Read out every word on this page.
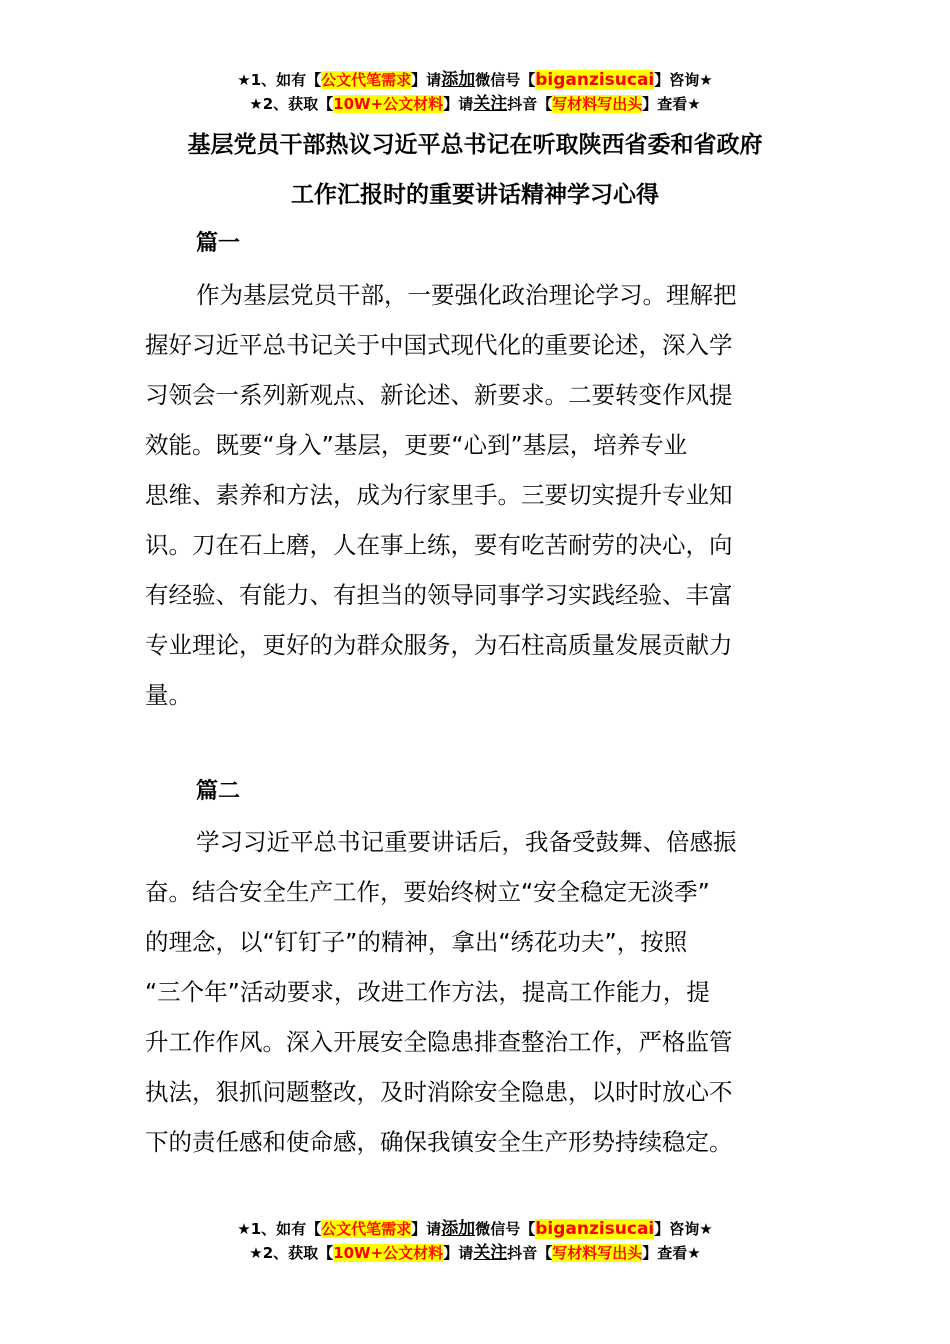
★1、如有【公文代笔需求】请添加微信号【biganzisucai】咨询★
★2、获取【10W+公文材料】请关注抖音【写材料写出头】查看★
基层党员干部热议习近平总书记在听取陕西省委和省政府
工作汇报时的重要讲话精神学习心得
篇一
作为基层党员干部，一要强化政治理论学习。理解把
握好习近平总书记关于中国式现代化的重要论述，深入学
习领会一系列新观点、新论述、新要求。二要转变作风提
效能。既要“身入”基层，更要“心到”基层，培养专业
思维、素养和方法，成为行家里手。三要切实提升专业知
识。刀在石上磨，人在事上练，要有吃苦耐劳的决心，向
有经验、有能力、有担当的领导同事学习实践经验、丰富
专业理论，更好的为群众服务，为石柱高质量发展贡献力
量。
篇二
学习习近平总书记重要讲话后，我备受鼓舞、倍感振
奋。结合安全生产工作，要始终树立“安全稳定无淡季”
的理念，以“钉钉子”的精神，拿出“绣花功夫”，按照
“三个年”活动要求，改进工作方法，提高工作能力，提
升工作作风。深入开展安全隐患排查整治工作，严格监管
执法，狠抓问题整改，及时消除安全隐患，以时时放心不
下的责任感和使命感，确保我镇安全生产形势持续稳定。
★1、如有【公文代笔需求】请添加微信号【biganzisucai】咨询★
★2、获取【10W+公文材料】请关注抖音【写材料写出头】查看★
